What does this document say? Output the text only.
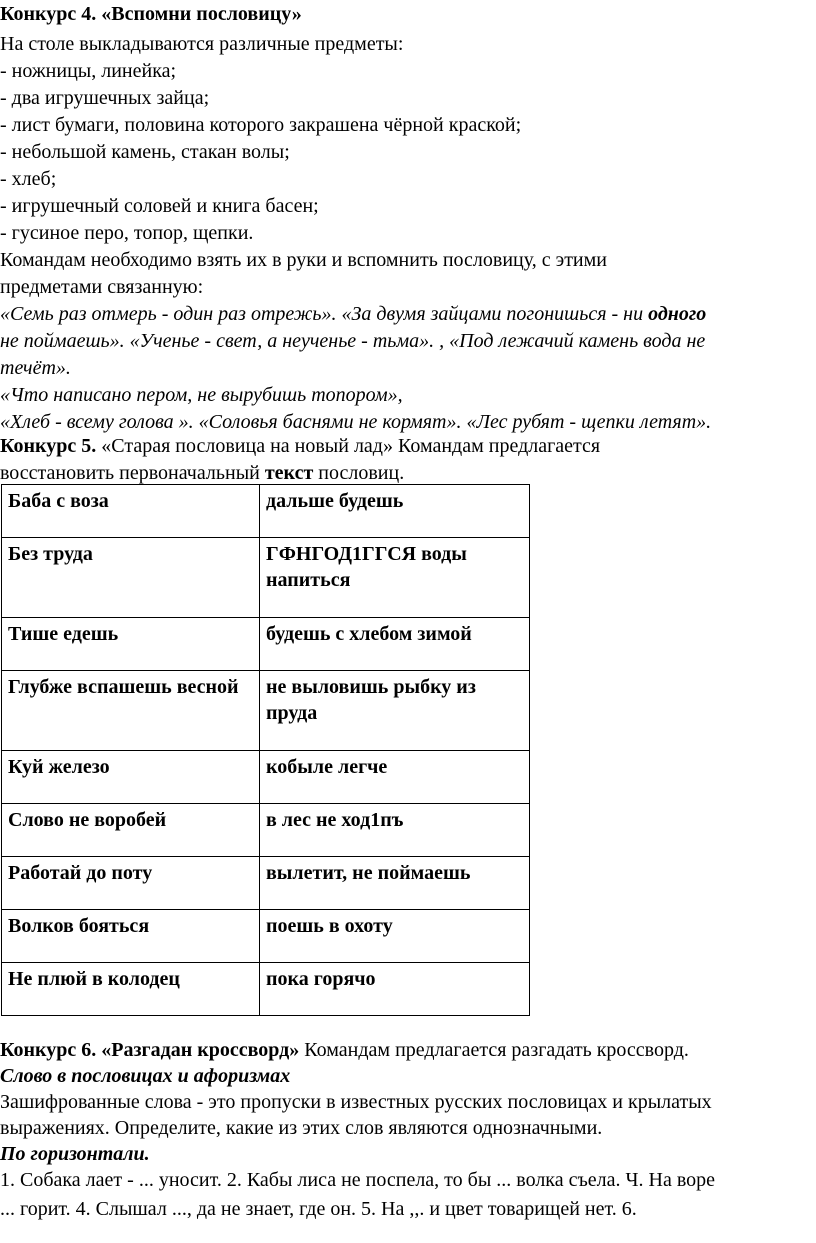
Конкурс 4. «Вспомни пословицу»
На столе выкладываются различные предметы:
- ножницы, линейка;
- два игрушечных зайца;
- лист бумаги, половина которого закрашена чёрной краской;
- небольшой камень, стакан волы;
- хлеб;
- игрушечный соловей и книга басен;
- гусиное перо, топор, щепки.
Командам необходимо взять их в руки и вспомнить пословицу, с этими
предметами связанную:
«Семь раз отмерь - один раз отрежь». «За двумя зайцами погонишься - ни одного
не поймаешь». «Ученье - свет, а неученье - тьма». , «Под лежачий камень вода не
течёт».
«Что написано пером, не вырубишь топором»,
«Хлеб - всему голова ». «Соловья баснями не кормят». «Лес рубят - щепки летят».
Конкурс 5. «Старая пословица на новый лад» Командам предлагается
восстановить первоначальный текст пословиц.
Баба с воза	дальше будешь
Без труда	ГФНГОД1ГГСЯ воды напиться
Тише едешь	будешь с хлебом зимой
Глубже вспашешь весной	не выловишь рыбку из пруда
Куй железо	кобыле легче
Слово не воробей	в лес не ход1пъ
Работай до поту	вылетит, не поймаешь
Волков бояться	поешь в охоту
Не плюй в колодец	пока горячо
Конкурс 6. «Разгадан кроссворд» Командам предлагается разгадать кроссворд.
Слово в пословицах и афоризмах
Зашифрованные слова - это пропуски в известных русских пословицах и крылатых
выражениях. Определите, какие из этих слов являются однозначными.
По горизонтали.
1. Собака лает - ... уносит. 2. Кабы лиса не поспела, то бы ... волка съела. Ч. На воре
... горит. 4. Слышал ..., да не знает, где он. 5. На ,,. и цвет товарищей нет. 6.
